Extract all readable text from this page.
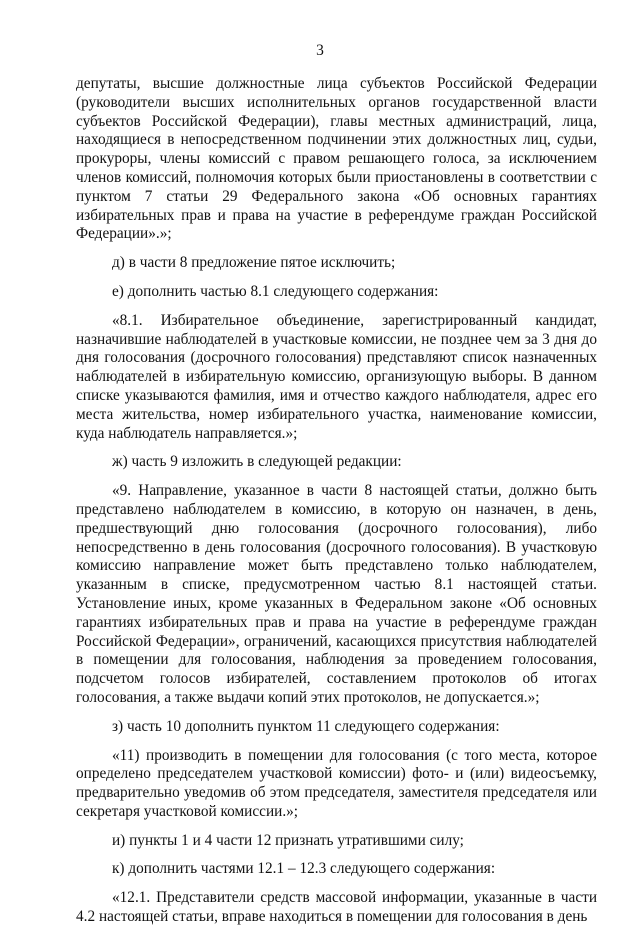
3

депутаты, высшие должностные лица субъектов Российской Федерации (руководители высших исполнительных органов государственной власти субъектов Российской Федерации), главы местных администраций, лица, находящиеся в непосредственном подчинении этих должностных лиц, судьи, прокуроры, члены комиссий с правом решающего голоса, за исключением членов комиссий, полномочия которых были приостановлены в соответствии с пунктом 7 статьи 29 Федерального закона «Об основных гарантиях избирательных прав и права на участие в референдуме граждан Российской Федерации».»;

д) в части 8 предложение пятое исключить;

е) дополнить частью 8.1 следующего содержания:

«8.1. Избирательное объединение, зарегистрированный кандидат, назначившие наблюдателей в участковые комиссии, не позднее чем за 3 дня до дня голосования (досрочного голосования) представляют список назначенных наблюдателей в избирательную комиссию, организующую выборы. В данном списке указываются фамилия, имя и отчество каждого наблюдателя, адрес его места жительства, номер избирательного участка, наименование комиссии, куда наблюдатель направляется.»;

ж) часть 9 изложить в следующей редакции:

«9. Направление, указанное в части 8 настоящей статьи, должно быть представлено наблюдателем в комиссию, в которую он назначен, в день, предшествующий дню голосования (досрочного голосования), либо непосредственно в день голосования (досрочного голосования). В участковую комиссию направление может быть представлено только наблюдателем, указанным в списке, предусмотренном частью 8.1 настоящей статьи. Установление иных, кроме указанных в Федеральном законе «Об основных гарантиях избирательных прав и права на участие в референдуме граждан Российской Федерации», ограничений, касающихся присутствия наблюдателей в помещении для голосования, наблюдения за проведением голосования, подсчетом голосов избирателей, составлением протоколов об итогах голосования, а также выдачи копий этих протоколов, не допускается.»;

з) часть 10 дополнить пунктом 11 следующего содержания:

«11) производить в помещении для голосования (с того места, которое определено председателем участковой комиссии) фото- и (или) видеосъемку, предварительно уведомив об этом председателя, заместителя председателя или секретаря участковой комиссии.»;

и) пункты 1 и 4 части 12 признать утратившими силу;

к) дополнить частями 12.1 – 12.3 следующего содержания:

«12.1. Представители средств массовой информации, указанные в части 4.2 настоящей статьи, вправе находиться в помещении для голосования в день
